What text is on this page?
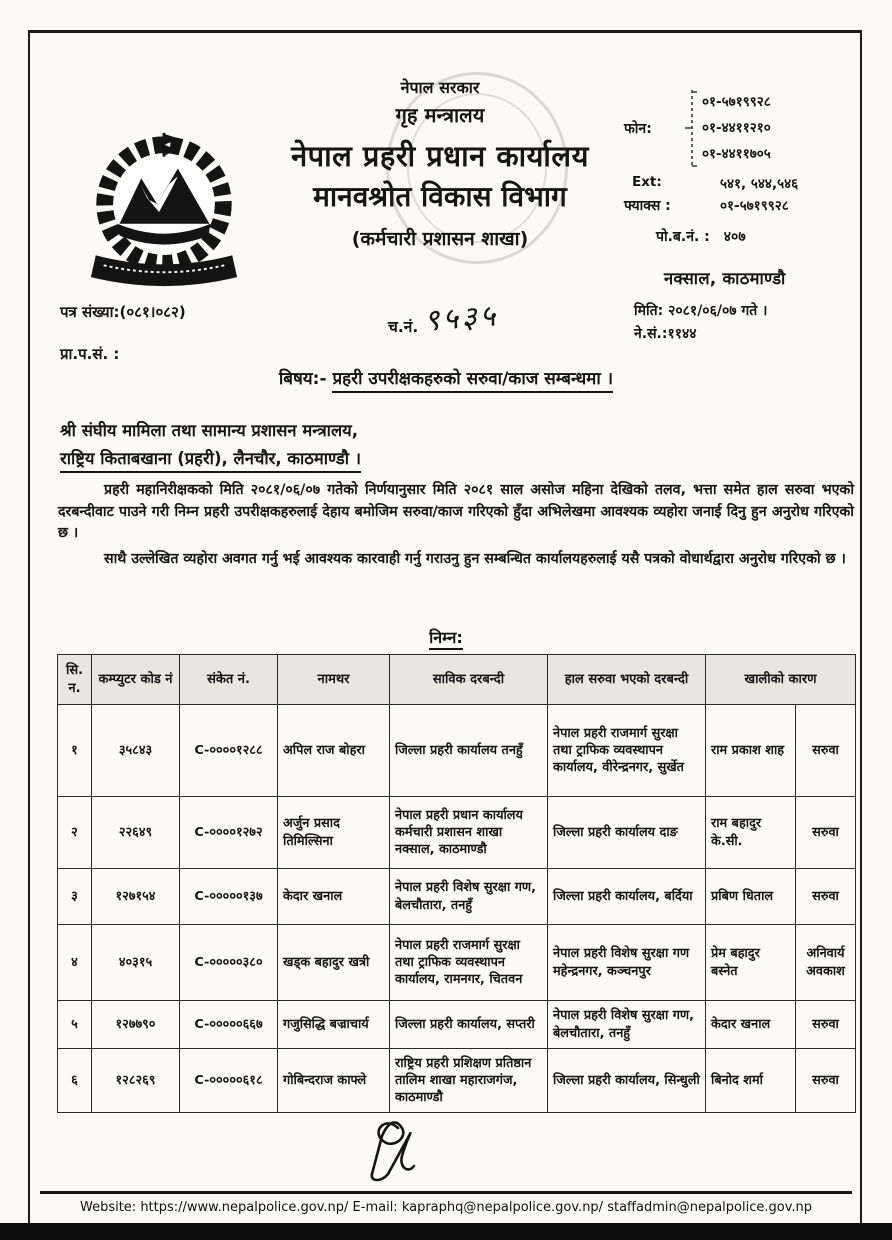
नेपाल सरकार
गृह मन्त्रालय
नेपाल प्रहरी प्रधान कार्यालय
मानवश्रोत विकास विभाग
(कर्मचारी प्रशासन शाखा)
फोन:
०१-५७१९९२८
०१-४४११२१०
०१-४४११७०५
Ext:	५४१, ५४४,५४६
फ्याक्स :	०१-५७१९९२८
पो.ब.नं. : ४०७
नक्साल, काठमाण्डौ
मिति: २०८१/०६/०७ गते ।
ने.सं.:११४४
पत्र संख्या:(०८१।०८२)
च.नं. ९५३५
प्रा.प.सं. :
बिषय:- प्रहरी उपरीक्षकहरुको सरुवा/काज सम्बन्धमा ।
श्री संघीय मामिला तथा सामान्य प्रशासन मन्त्रालय,
राष्ट्रिय किताबखाना (प्रहरी), लैनचौर, काठमाण्डौ ।

प्रहरी महानिरीक्षकको मिति २०८१/०६/०७ गतेको निर्णयानुसार मिति २०८१ साल असोज महिना देखिको तलव, भत्ता समेत हाल सरुवा भएको दरबन्दीवाट पाउने गरी निम्न प्रहरी उपरीक्षकहरुलाई देहाय बमोजिम सरुवा/काज गरिएको हुँदा अभिलेखमा आवश्यक व्यहोरा जनाई दिनु हुन अनुरोध गरिएको छ ।

साथै उल्लेखित व्यहोरा अवगत गर्नु भई आवश्यक कारवाही गर्नु गराउनु हुन सम्बन्धित कार्यालयहरुलाई यसै पत्रको वोधार्थद्वारा अनुरोध गरिएको छ ।

निम्न:
सि. न.	कम्प्युटर कोड नं	संकेत नं.	नामथर	साविक दरबन्दी	हाल सरुवा भएको दरबन्दी	खालीको कारण	
१	३५८४३	C-००००१२८८	अपिल राज बोहरा	जिल्ला प्रहरी कार्यालय तनहुँ	नेपाल प्रहरी राजमार्ग सुरक्षा तथा ट्राफिक व्यवस्थापन कार्यालय, वीरेन्द्रनगर, सुर्खेत	राम प्रकाश शाह	सरुवा
२	२२६४९	C-००००१२७२	अर्जुन प्रसाद तिमिल्सिना	नेपाल प्रहरी प्रधान कार्यालय कर्मचारी प्रशासन शाखा नक्साल, काठमाण्डौ	जिल्ला प्रहरी कार्यालय दाङ	राम बहादुर के.सी.	सरुवा
३	१२७१५४	C-०००००१३७	केदार खनाल	नेपाल प्रहरी विशेष सुरक्षा गण, बेलचौतारा, तनहुँ	जिल्ला प्रहरी कार्यालय, बर्दिया	प्रबिण धिताल	सरुवा
४	४०३१५	C-०००००३८०	खड्क बहादुर खत्री	नेपाल प्रहरी राजमार्ग सुरक्षा तथा ट्राफिक व्यवस्थापन कार्यालय, रामनगर, चितवन	नेपाल प्रहरी विशेष सुरक्षा गण महेन्द्रनगर, कञ्चनपुर	प्रेम बहादुर बस्नेत	अनिवार्य अवकाश
५	१२७७९०	C-०००००६६७	गजुसिद्धि बज्राचार्य	जिल्ला प्रहरी कार्यालय, सप्तरी	नेपाल प्रहरी विशेष सुरक्षा गण, बेलचौतारा, तनहुँ	केदार खनाल	सरुवा
६	१२८२६९	C-०००००६१८	गोबिन्दराज काफ्ले	राष्ट्रिय प्रहरी प्रशिक्षण प्रतिष्ठान तालिम शाखा महाराजगंज, काठमाण्डौ	जिल्ला प्रहरी कार्यालय, सिन्धुली	बिनोद शर्मा	सरुवा
Website: https://www.nepalpolice.gov.np/ E-mail: kapraphq@nepalpolice.gov.np/ staffadmin@nepalpolice.gov.np
